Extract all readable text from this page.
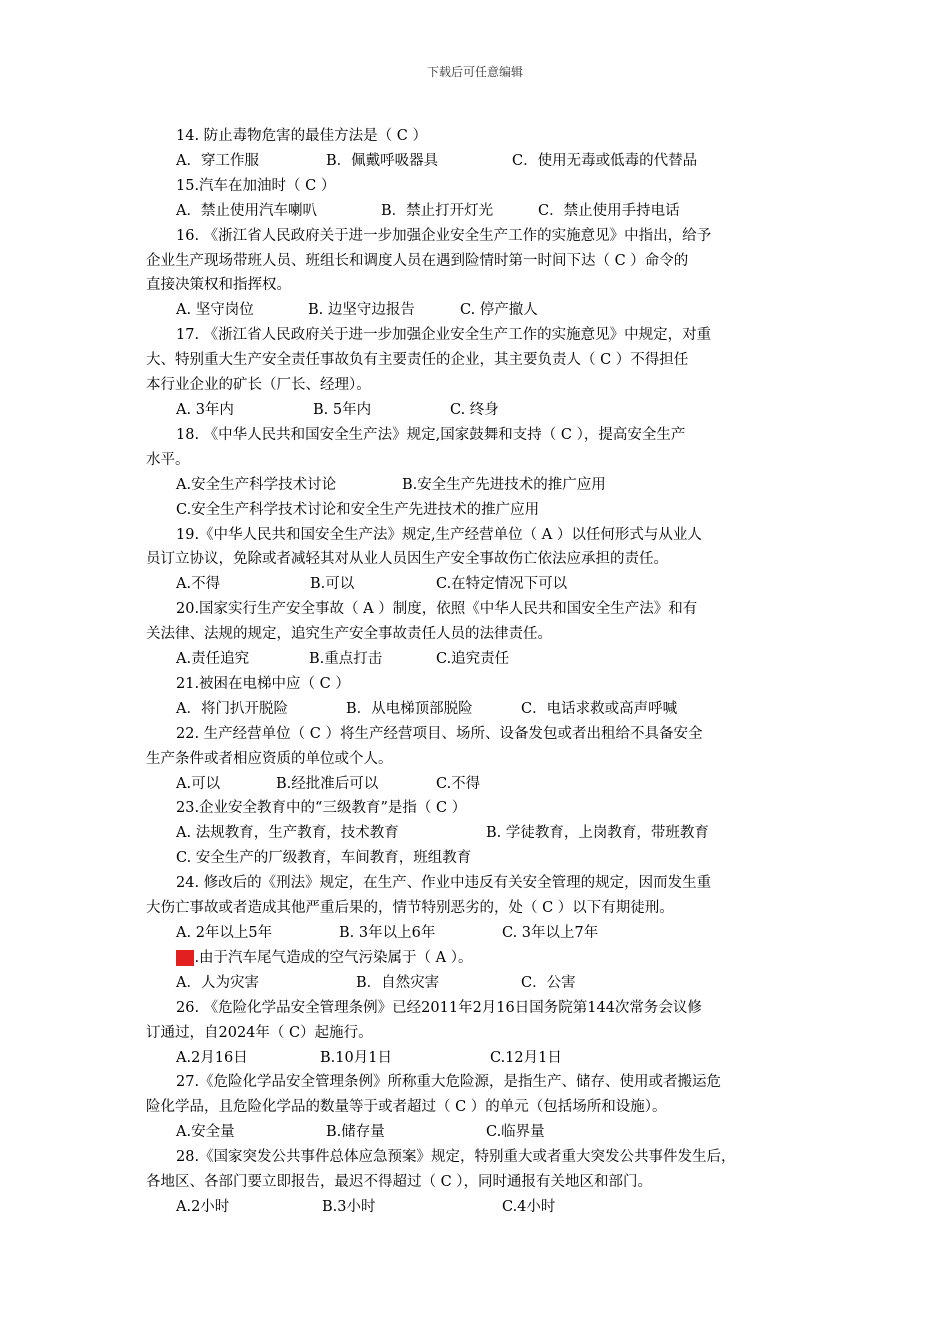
下载后可任意编辑
14. 防止毒物危害的最佳方法是（ C ）
A．穿工作服	B．佩戴呼吸器具	C．使用无毒或低毒的代替品
15.汽车在加油时（ C ）
A．禁止使用汽车喇叭	B．禁止打开灯光	C．禁止使用手持电话
16. 《浙江省人民政府关于进一步加强企业安全生产工作的实施意见》中指出，给予
企业生产现场带班人员、班组长和调度人员在遇到险情时第一时间下达（ C ）命令的
直接决策权和指挥权。
A. 坚守岗位	B. 边坚守边报告	C. 停产撤人
17. 《浙江省人民政府关于进一步加强企业安全生产工作的实施意见》中规定，对重
大、特别重大生产安全责任事故负有主要责任的企业，其主要负责人（ C ）不得担任
本行业企业的矿长（厂长、经理）。
A. 3年内	B. 5年内	C. 终身
18. 《中华人民共和国安全生产法》规定,国家鼓舞和支持（ C ），提高安全生产
水平。
A.安全生产科学技术讨论	B.安全生产先进技术的推广应用
C.安全生产科学技术讨论和安全生产先进技术的推广应用
19.《中华人民共和国安全生产法》规定,生产经营单位（ A ）以任何形式与从业人
员订立协议，免除或者减轻其对从业人员因生产安全事故伤亡依法应承担的责任。
A.不得	B.可以	C.在特定情况下可以
20.国家实行生产安全事故（ A ）制度，依照《中华人民共和国安全生产法》和有
关法律、法规的规定，追究生产安全事故责任人员的法律责任。
A.责任追究	B.重点打击	C.追究责任
21.被困在电梯中应（ C ）
A．将门扒开脱险	B．从电梯顶部脱险	C．电话求救或高声呼喊
22. 生产经营单位（ C ）将生产经营项目、场所、设备发包或者出租给不具备安全
生产条件或者相应资质的单位或个人。
A.可以	B.经批准后可以	C.不得
23.企业安全教育中的“三级教育”是指（ C ）
A. 法规教育，生产教育，技术教育	B. 学徒教育，上岗教育，带班教育
C. 安全生产的厂级教育，车间教育，班组教育
24. 修改后的《刑法》规定，在生产、作业中违反有关安全管理的规定，因而发生重
大伤亡事故或者造成其他严重后果的，情节特别恶劣的，处（ C ）以下有期徒刑。
A. 2年以上5年	B. 3年以上6年	C. 3年以上7年
25.由于汽车尾气造成的空气污染属于（ A ）。
A．人为灾害	B．自然灾害	C．公害
26. 《危险化学品安全管理条例》已经2011年2月16日国务院第144次常务会议修
订通过，自2024年（ C）起施行。
A.2月16日	B.10月1日	C.12月1日
27.《危险化学品安全管理条例》所称重大危险源，是指生产、储存、使用或者搬运危
险化学品，且危险化学品的数量等于或者超过（ C ）的单元（包括场所和设施）。
A.安全量	B.储存量	C.临界量
28.《国家突发公共事件总体应急预案》规定，特别重大或者重大突发公共事件发生后，
各地区、各部门要立即报告，最迟不得超过（ C ），同时通报有关地区和部门。
A.2小时	B.3小时	C.4小时
